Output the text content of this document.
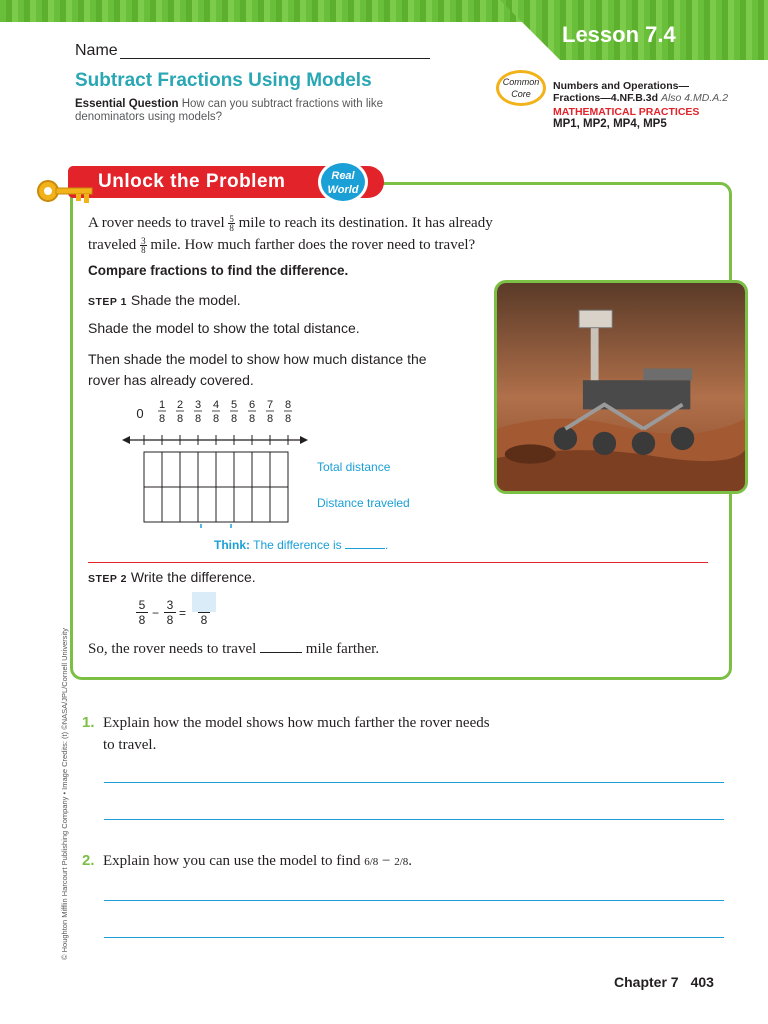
Lesson 7.4
Name
Subtract Fractions Using Models
Essential Question How can you subtract fractions with like denominators using models?
Common
Core
Numbers and Operations—
Fractions—4.NF.B.3d Also 4.MD.A.2
MATHEMATICAL PRACTICES
MP1, MP2, MP4, MP5
Unlock the Problem	Real
World
A rover needs to travel $\frac{5}{8}$ mile to reach its destination. It has already traveled $\frac{3}{8}$ mile. How much farther does the rover need to travel?
Compare fractions to find the difference.
STEP 1 Shade the model.
Shade the model to show the total distance.
Then shade the model to show how much distance the rover has already covered.
0
1
8
2
8
3
8
4
8
5
8
6
8
7
8
8
8
Total distance
Distance traveled
Think: The difference is	.
STEP 2 Write the difference.
$\frac{5}{8} - \frac{3}{8} = 8$
So, the rover needs to travel	mile farther.
1. Explain how the model shows how much farther the rover needs to travel.
2. Explain how you can use the model to find 6/8 − 2/8.
© Houghton Mifflin Harcourt Publishing Company • Image Credits: (t) ©NASA/JPL/Cornell University
Chapter 7 403
